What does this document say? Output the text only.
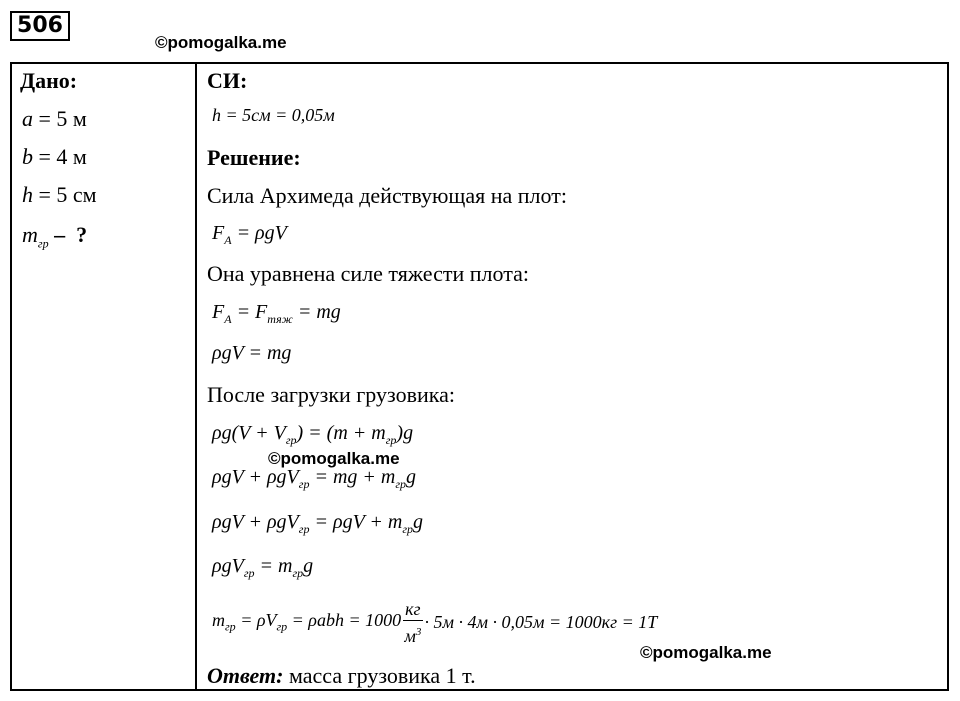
506
©pomogalka.me
Дано:
a = 5 м
b = 4 м
h = 5 см
$m_{гр}$ –  ?
СИ:
h = 5см = 0,05м
Решение:
Сила Архимеда действующая на плот:
$F_A = \rho gV$
Она уравнена силе тяжести плота:
$F_A = F_{тяж}$ = mg
ρgV = mg
После загрузки грузовика:
$\rho g(V + V_{гр}) = (m + m_{гр})g$
©pomogalka.me
ρgV + ρgV$_{гр}$ = mg + $m_{гр}g$
$\rho gV + \rho gV_{гр} = \rho gV + m_{гр}g$
$\rho gV_{гр} = m_{гр}g$
$m_{гр} = \rho V_{гр} = \rho abh = 1000 \frac{кг}{м^3} \cdot 5м \cdot 4м \cdot 0,05м = 1000кг = 1Т$
©pomogalka.me
Ответ: масса грузовика 1 т.
